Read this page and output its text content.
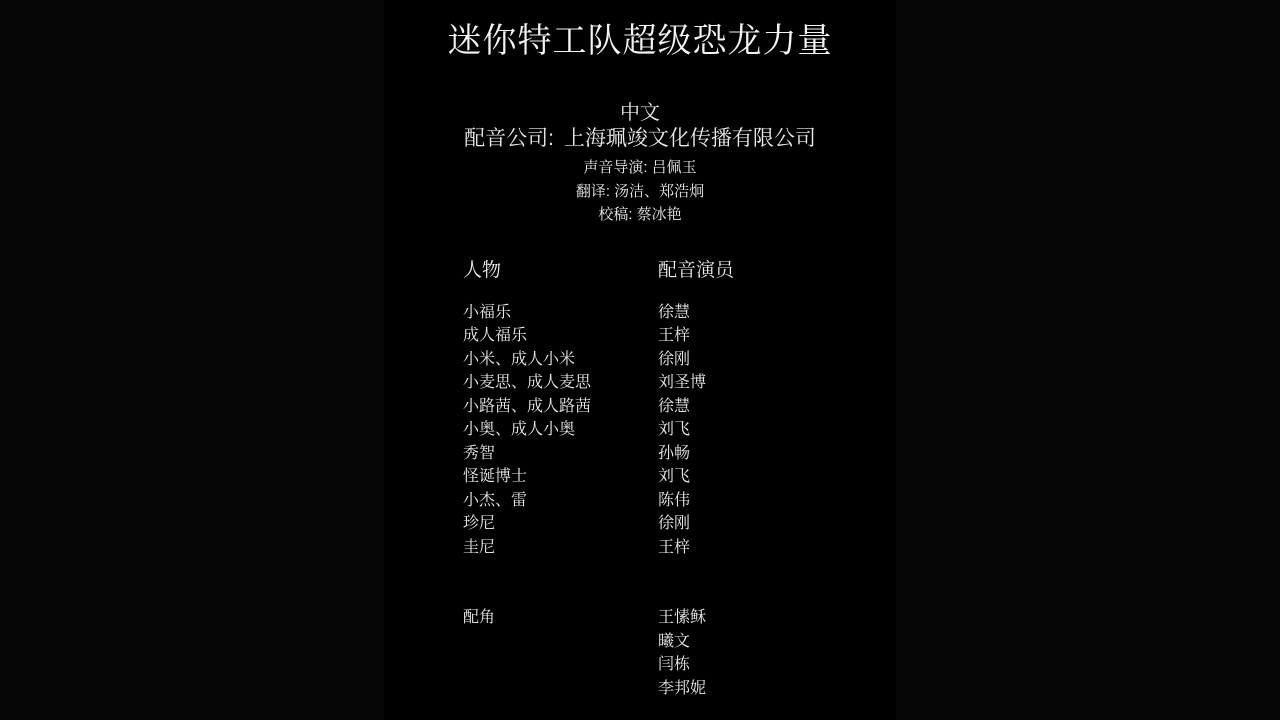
迷你特工队超级恐龙力量
中文
配音公司: 上海珮竣文化传播有限公司
声音导演: 吕佩玉
翻译: 汤洁、郑浩炯
校稿: 蔡冰艳
人物	配音演员
小福乐	徐慧
成人福乐	王梓
小米、成人小米	徐刚
小麦思、成人麦思	刘圣博
小路茜、成人路茜	徐慧
小奥、成人小奥	刘飞
秀智	孙畅
怪诞博士	刘飞
小杰、雷	陈伟
珍尼	徐刚
圭尼	王梓
配角	王愫稣
曦文
闫栋
李邦妮
